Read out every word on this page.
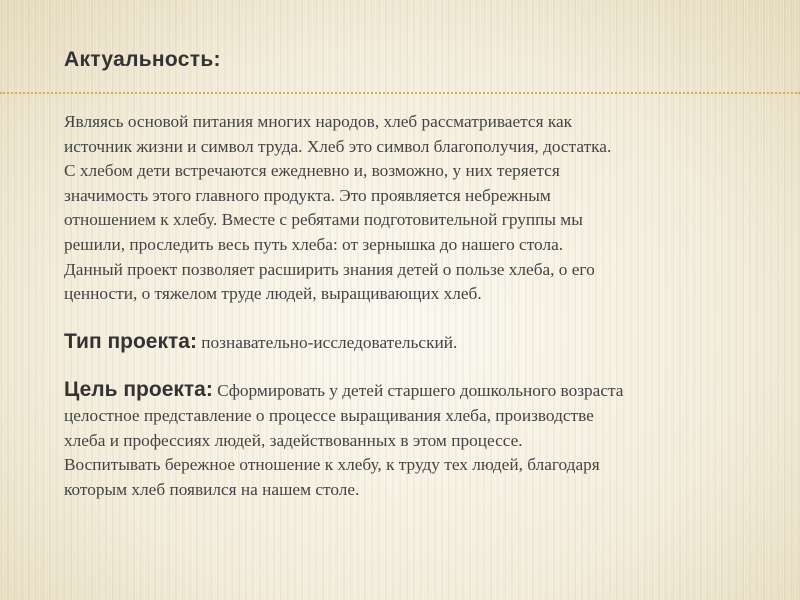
Актуальность:
Являясь основой питания многих народов, хлеб рассматривается как
источник жизни и символ труда. Хлеб это символ благополучия, достатка.
С хлебом дети встречаются ежедневно и, возможно, у них теряется
значимость этого главного продукта. Это проявляется небрежным
отношением к хлебу. Вместе с ребятами подготовительной группы мы
решили, проследить весь путь хлеба: от зернышка до нашего стола.
Данный проект позволяет расширить знания детей о пользе хлеба, о его
ценности, о тяжелом труде людей, выращивающих хлеб.
Тип проекта: познавательно-исследовательский.
Цель проекта: Сформировать у детей старшего дошкольного возраста
целостное представление о процессе выращивания хлеба, производстве
хлеба и профессиях людей, задействованных в этом процессе.
Воспитывать бережное отношение к хлебу, к труду тех людей, благодаря
которым хлеб появился на нашем столе.
